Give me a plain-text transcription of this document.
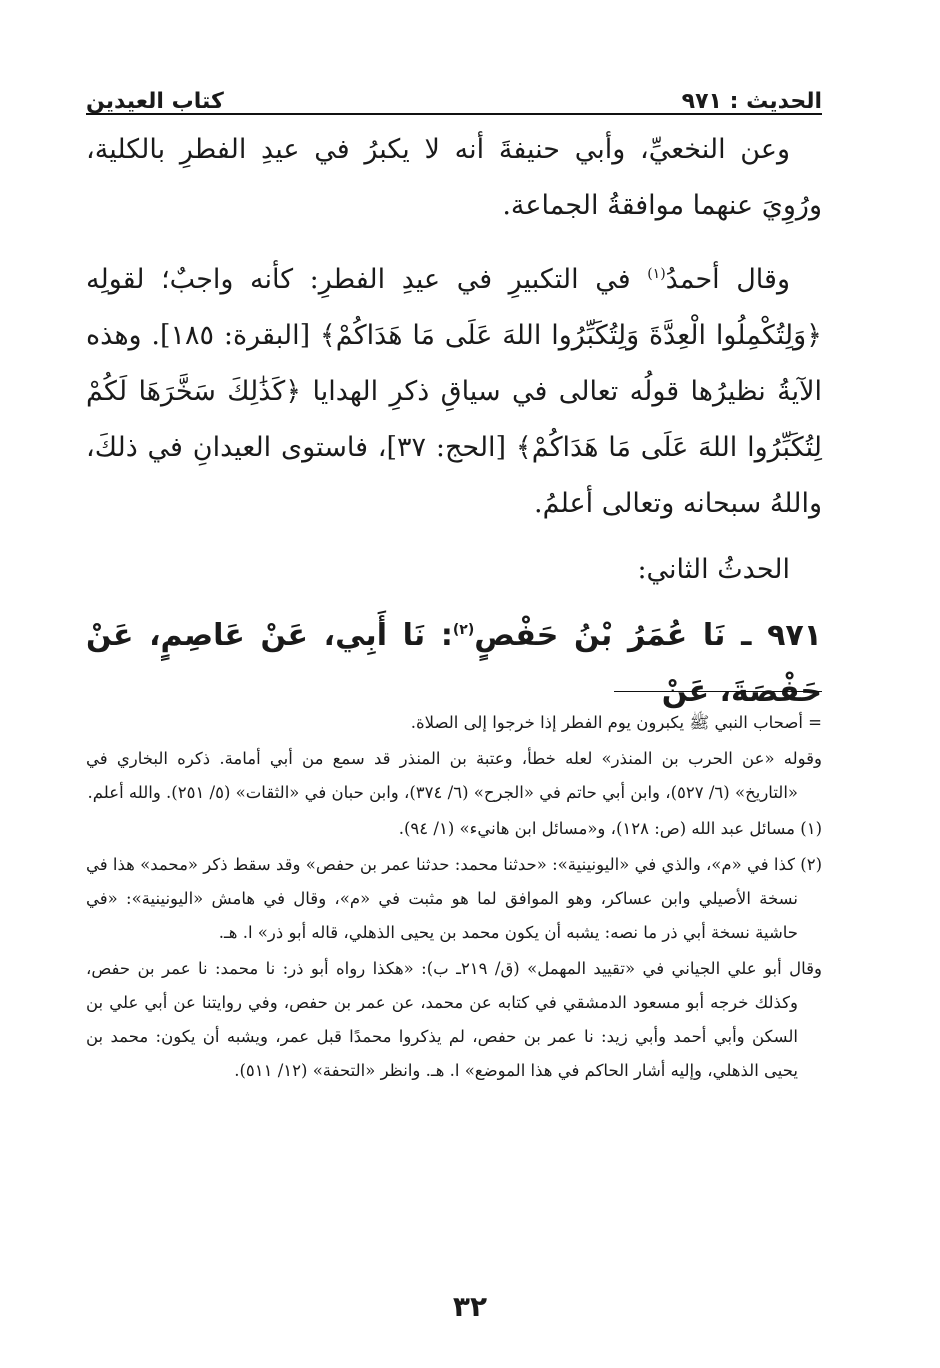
الحديث : ٩٧١
كتاب العيدين

وعن النخعيِّ، وأبي حنيفةَ أنه لا يكبرُ في عيدِ الفطرِ بالكلية، ورُوِيَ عنهما موافقةُ الجماعة.

وقال أحمدُ$^{(١)}$ في التكبيرِ في عيدِ الفطرِ: كأنه واجبٌ؛ لقولِه ﴿وَلِتُكْمِلُوا الْعِدَّةَ وَلِتُكَبِّرُوا اللهَ عَلَى مَا هَدَاكُمْ﴾ [البقرة: ١٨٥]. وهذه الآيةُ نظيرُها قولُه تعالى في سياقِ ذكرِ الهدايا ﴿كَذَٰلِكَ سَخَّرَهَا لَكُمْ لِتُكَبِّرُوا اللهَ عَلَى مَا هَدَاكُمْ﴾ [الحج: ٣٧]، فاستوى العيدانِ في ذلكَ، واللهُ سبحانه وتعالى أعلمُ.

الحدثُ الثاني:

٩٧١ ـ نَا عُمَرُ بْنُ حَفْصٍ$^{(٢)}$: نَا أَبِي، عَنْ عَاصِمٍ، عَنْ حَفْصَةَ، عَنْ

= أصحاب النبي ﷺ يكبرون يوم الفطر إذا خرجوا إلى الصلاة.

وقوله «عن الحرب بن المنذر» لعله خطأ، وعتبة بن المنذر قد سمع من أبي أمامة. ذكره البخاري في «التاريخ» (٦/ ٥٢٧)، وابن أبي حاتم في «الجرح» (٦/ ٣٧٤)، وابن حبان في «الثقات» (٥/ ٢٥١). والله أعلم.

(١) مسائل عبد الله (ص: ١٢٨)، و«مسائل ابن هانيء» (١/ ٩٤).

(٢) كذا في «م»، والذي في «اليونينية»: «حدثنا محمد: حدثنا عمر بن حفص» وقد سقط ذكر «محمد» هذا في نسخة الأصيلي وابن عساكر، وهو الموافق لما هو مثبت في «م»، وقال في هامش «اليونينية»: «في حاشية نسخة أبي ذر ما نصه: يشبه أن يكون محمد بن يحيى الذهلي، قاله أبو ذر» ا. هـ.

وقال أبو علي الجياني في «تقييد المهمل» (ق/ ٢١٩ـ ب): «هكذا رواه أبو ذر: نا محمد: نا عمر بن حفص، وكذلك خرجه أبو مسعود الدمشقي في كتابه عن محمد، عن عمر بن حفص، وفي روايتنا عن أبي علي بن السكن وأبي أحمد وأبي زيد: نا عمر بن حفص، لم يذكروا محمدًا قبل عمر، ويشبه أن يكون: محمد بن يحيى الذهلي، وإليه أشار الحاكم في هذا الموضع» ا. هـ. وانظر «التحفة» (١٢/ ٥١١).

٣٢
